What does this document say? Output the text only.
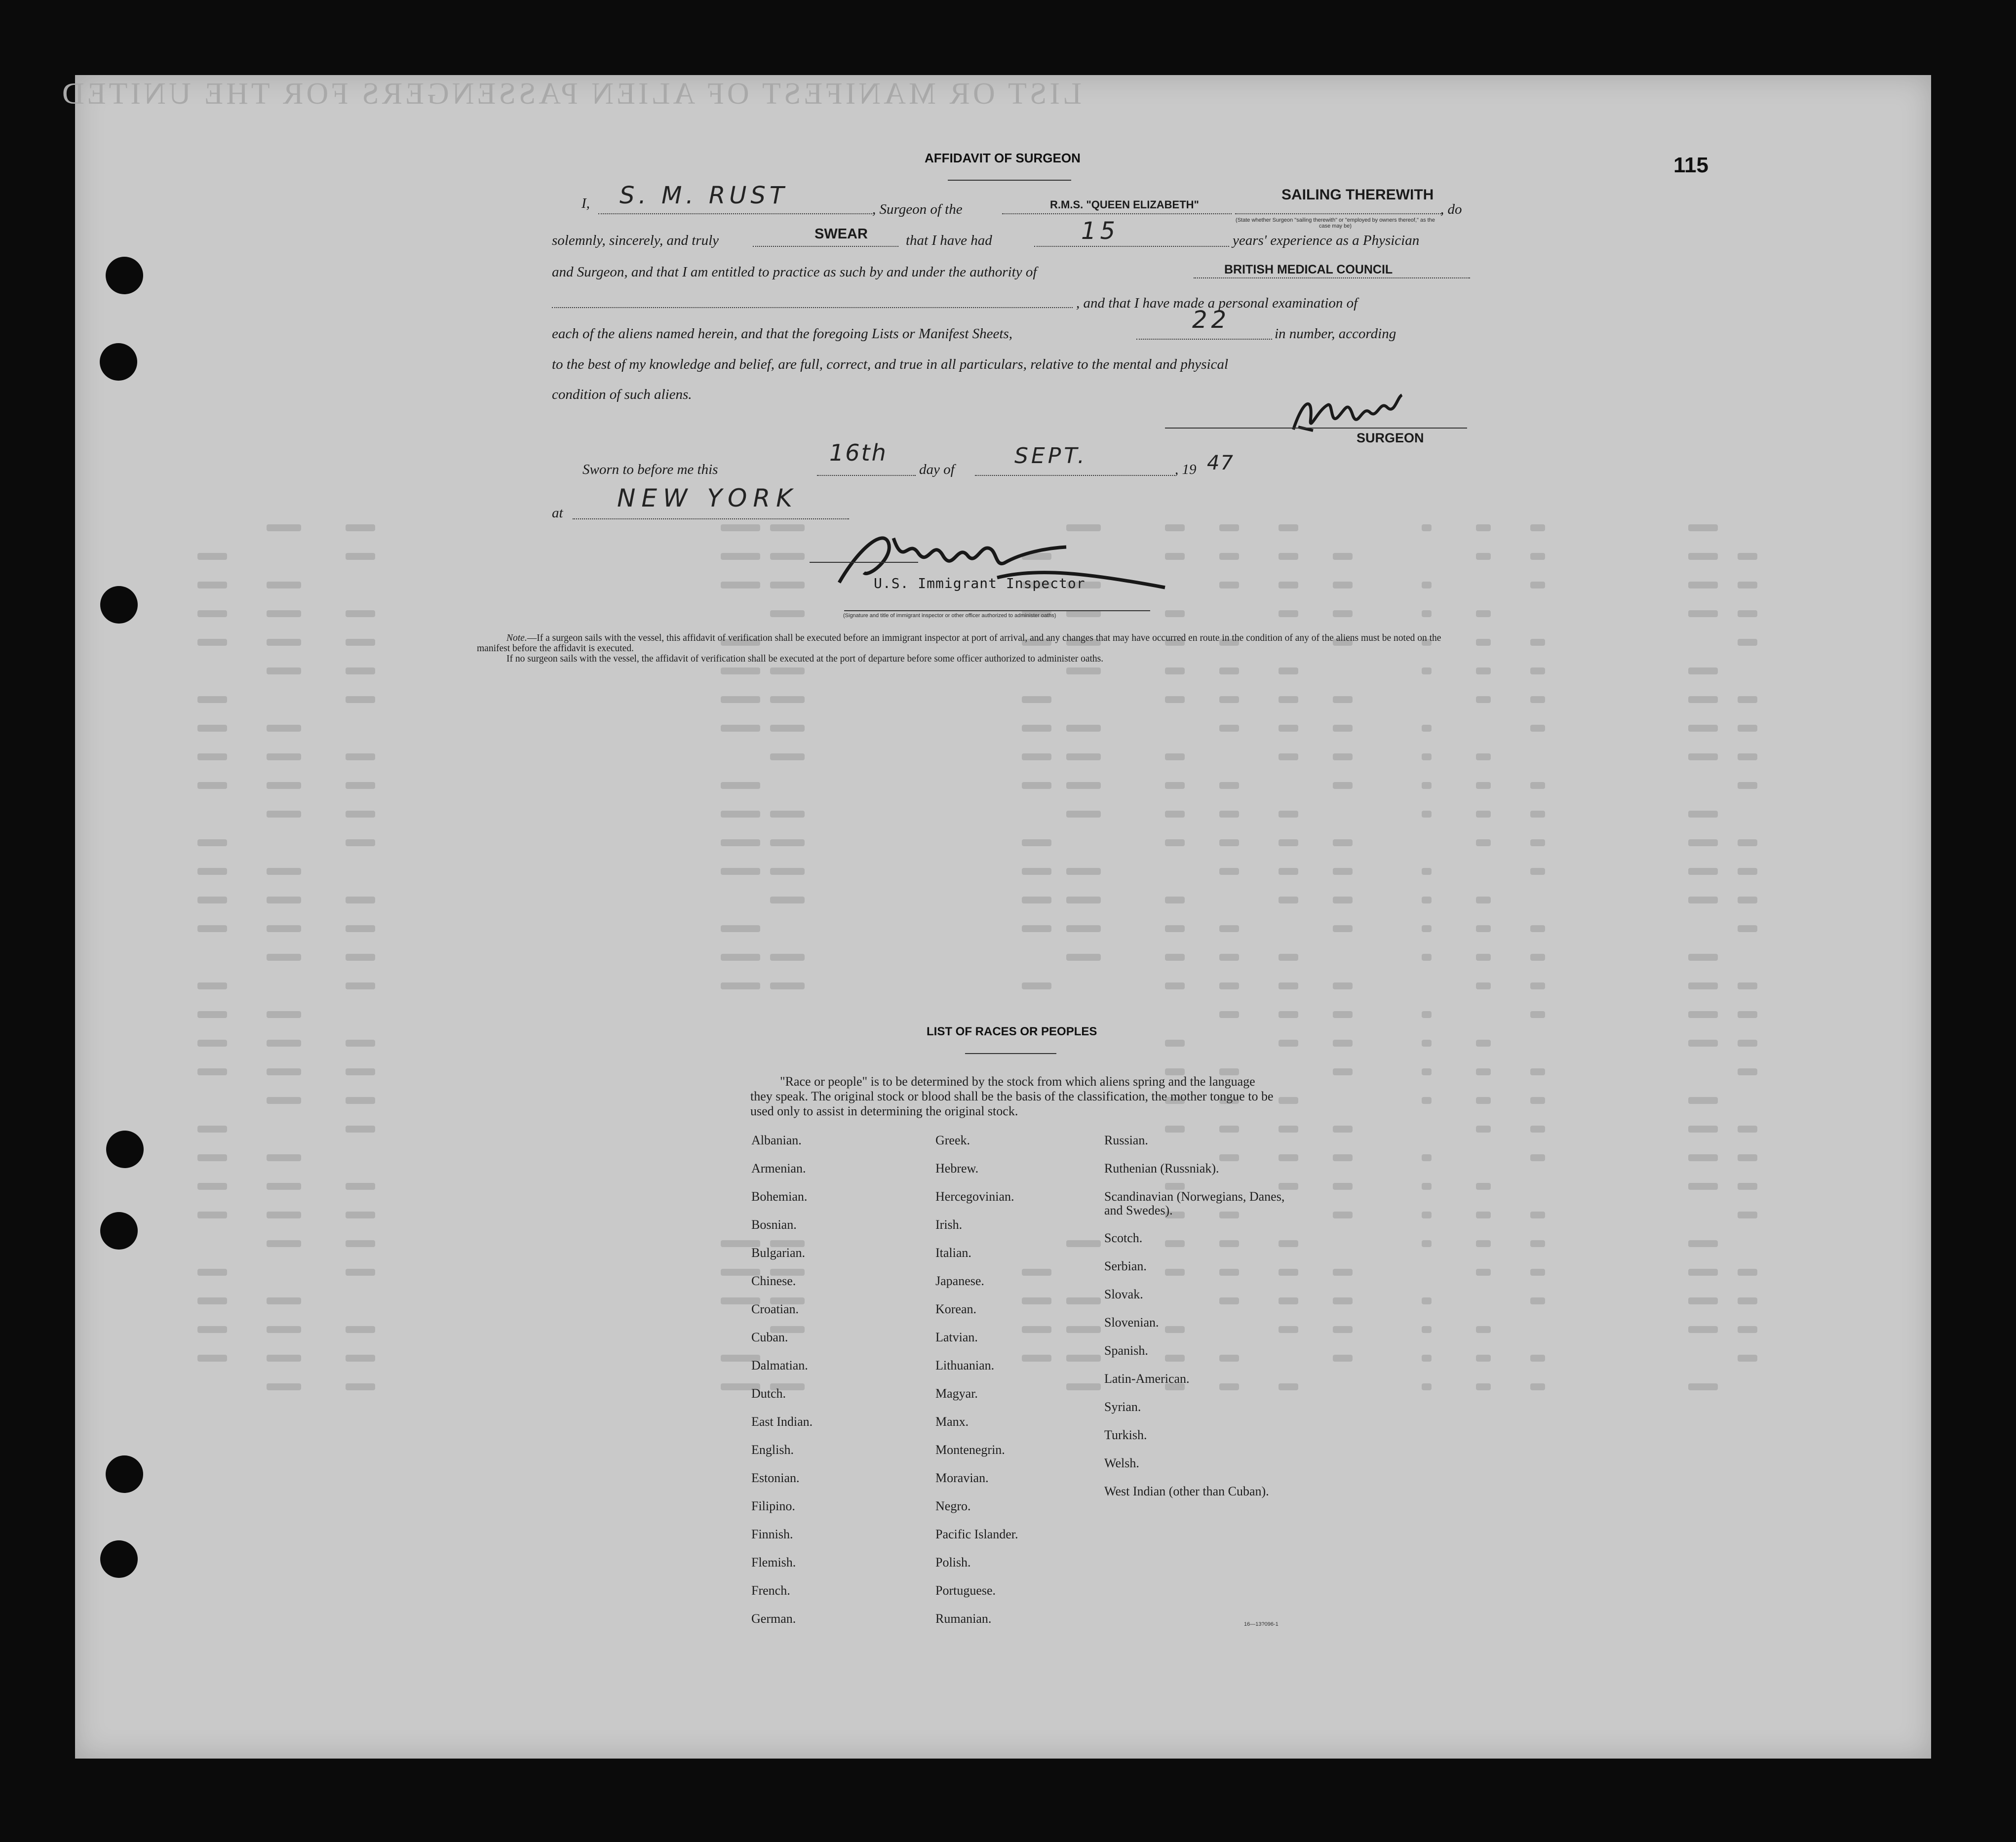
LIST OR MANIFEST OF ALIEN PASSENGERS FOR THE UNITED
115
AFFIDAVIT OF SURGEON
I, S. M. RUST	, Surgeon of the	R.M.S. "QUEEN ELIZABETH"
SAILING THEREWITH
(State whether Surgeon "sailing therewith" or "employed by owners thereof," as the case may be)
, do
solemnly, sincerely, and truly	SWEAR	that I have had	15	years' experience as a Physician
and Surgeon, and that I am entitled to practice as such by and under the authority of	BRITISH MEDICAL COUNCIL
, and that I have made a personal examination of
each of the aliens named herein, and that the foregoing Lists or Manifest Sheets,	22	in number, according
to the best of my knowledge and belief, are full, correct, and true in all particulars, relative to the mental and physical
condition of such aliens.
SURGEON
Sworn to before me this
16th
day of
SEPT.
, 19 47
at
NEW YORK
U.S. Immigrant Inspector
(Signature and title of immigrant inspector or other officer authorized to administer oaths)
Note.—If a surgeon sails with the vessel, this affidavit of verification shall be executed before an immigrant inspector at port of arrival, and any changes that may have occurred en route in the condition of any of the aliens must be noted on the manifest before the affidavit is executed.
If no surgeon sails with the vessel, the affidavit of verification shall be executed at the port of departure before some officer authorized to administer oaths.
LIST OF RACES OR PEOPLES
"Race or people" is to be determined by the stock from which aliens spring and the language they speak. The original stock or blood shall be the basis of the classification, the mother tongue to be used only to assist in determining the original stock.
Albanian.
Armenian.
Bohemian.
Bosnian.
Bulgarian.
Chinese.
Croatian.
Cuban.
Dalmatian.
Dutch.
East Indian.
English.
Estonian.
Filipino.
Finnish.
Flemish.
French.
German.
Greek.
Hebrew.
Hercegovinian.
Irish.
Italian.
Japanese.
Korean.
Latvian.
Lithuanian.
Magyar.
Manx.
Montenegrin.
Moravian.
Negro.
Pacific Islander.
Polish.
Portuguese.
Rumanian.
Russian.
Ruthenian (Russniak).
Scandinavian (Norwegians, Danes, and Swedes).
Scotch.
Serbian.
Slovak.
Slovenian.
Spanish.
Latin-American.
Syrian.
Turkish.
Welsh.
West Indian (other than Cuban).
16—13?096-1
